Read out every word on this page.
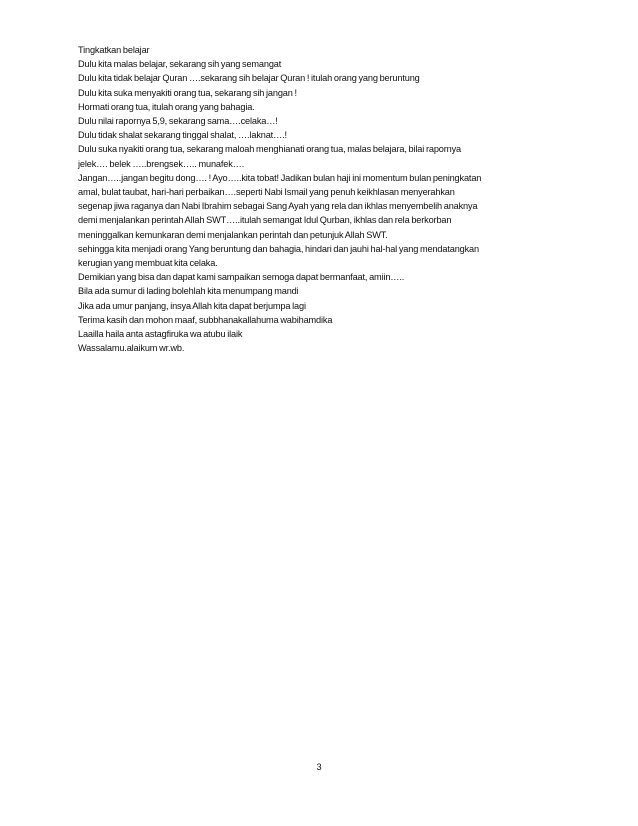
Tingkatkan belajar
Dulu kita malas belajar, sekarang sih yang semangat
Dulu kita tidak belajar Quran ….sekarang sih belajar Quran ! itulah orang yang beruntung
Dulu kita suka menyakiti orang tua, sekarang sih jangan !
Hormati orang tua, itulah orang yang bahagia.
Dulu nilai rapornya 5,9, sekarang sama….celaka…!
Dulu tidak shalat sekarang tinggal shalat, ….laknat….!
Dulu suka nyakiti orang tua, sekarang maloah menghianati orang tua, malas belajara, bilai rapornya
jelek…. belek …..brengsek….. munafek….
Jangan…..jangan begitu dong…. ! Ayo…..kita tobat! Jadikan bulan haji ini momentum bulan peningkatan
amal, bulat taubat, hari-hari perbaikan….seperti Nabi Ismail yang penuh keikhlasan menyerahkan
segenap jiwa raganya dan Nabi Ibrahim sebagai Sang Ayah yang rela dan ikhlas menyembelih anaknya
demi menjalankan perintah Allah SWT…..itulah semangat Idul Qurban, ikhlas dan rela berkorban
meninggalkan kemunkaran demi menjalankan perintah dan petunjuk Allah SWT.
sehingga kita menjadi orang Yang beruntung dan bahagia, hindari dan jauhi hal-hal yang mendatangkan
kerugian yang membuat kita celaka.
Demikian yang bisa dan dapat kami sampaikan semoga dapat bermanfaat, amiin…..
Bila ada sumur di lading bolehlah kita menumpang mandi
Jika ada umur panjang, insya Allah kita dapat berjumpa lagi
Terima kasih dan mohon maaf, subbhanakallahuma wabihamdika
Laailla haila anta astagfiruka wa atubu ilaik
Wassalamu.alaikum wr.wb.
3
